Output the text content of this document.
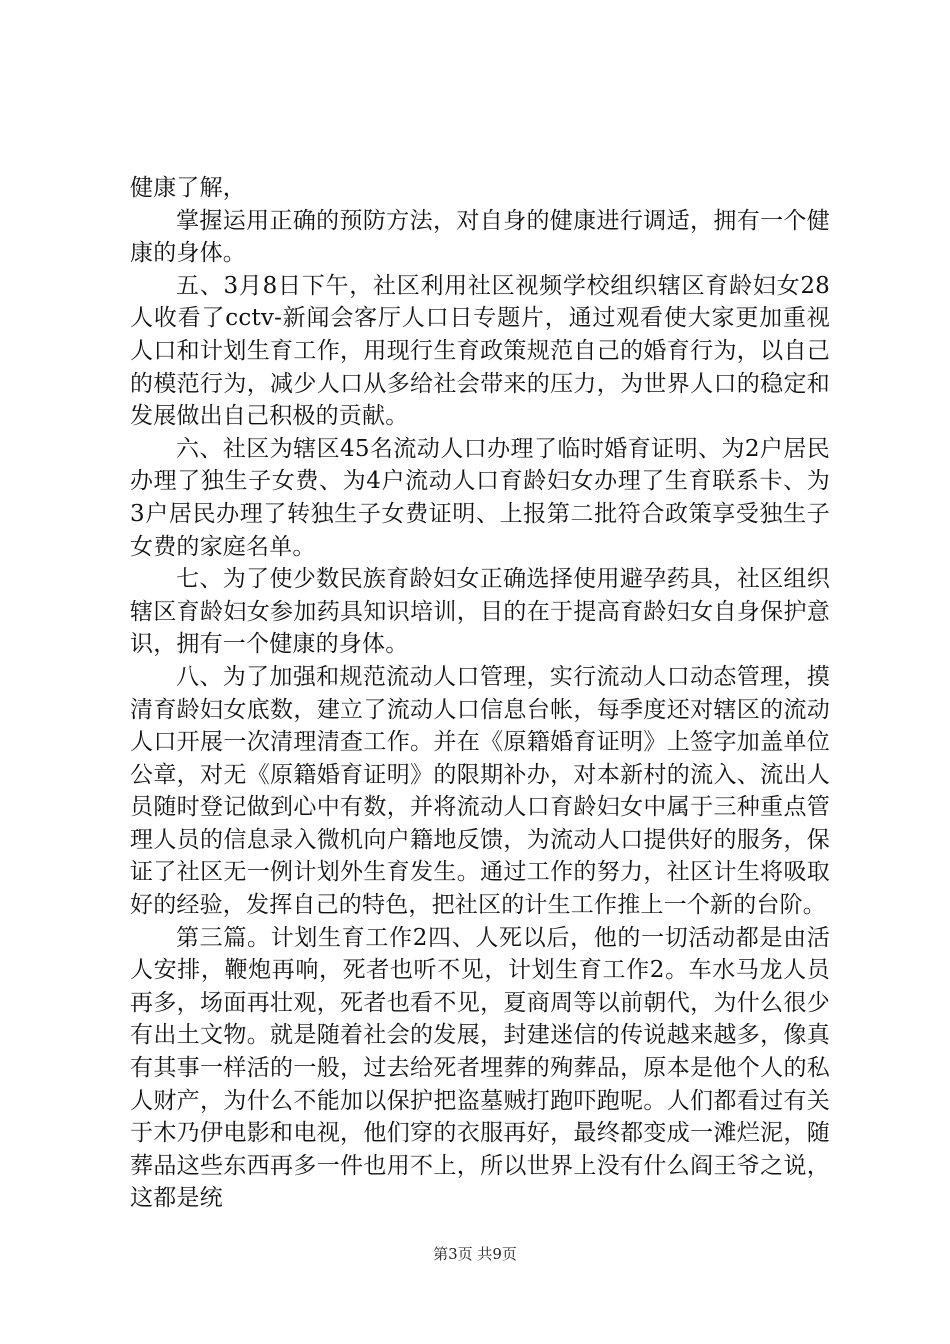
健康了解，

掌握运用正确的预防方法，对自身的健康进行调适，拥有一个健康的身体。

五、3月8日下午，社区利用社区视频学校组织辖区育龄妇女28人收看了cctv-新闻会客厅人口日专题片，通过观看使大家更加重视人口和计划生育工作，用现行生育政策规范自己的婚育行为，以自己的模范行为，减少人口从多给社会带来的压力，为世界人口的稳定和发展做出自己积极的贡献。

六、社区为辖区45名流动人口办理了临时婚育证明、为2户居民办理了独生子女费、为4户流动人口育龄妇女办理了生育联系卡、为3户居民办理了转独生子女费证明、上报第二批符合政策享受独生子女费的家庭名单。

七、为了使少数民族育龄妇女正确选择使用避孕药具，社区组织辖区育龄妇女参加药具知识培训，目的在于提高育龄妇女自身保护意识，拥有一个健康的身体。

八、为了加强和规范流动人口管理，实行流动人口动态管理，摸清育龄妇女底数，建立了流动人口信息台帐，每季度还对辖区的流动人口开展一次清理清查工作。并在《原籍婚育证明》上签字加盖单位公章，对无《原籍婚育证明》的限期补办，对本新村的流入、流出人员随时登记做到心中有数，并将流动人口育龄妇女中属于三种重点管理人员的信息录入微机向户籍地反馈，为流动人口提供好的服务，保证了社区无一例计划外生育发生。通过工作的努力，社区计生将吸取好的经验，发挥自己的特色，把社区的计生工作推上一个新的台阶。

第三篇。计划生育工作2四、人死以后，他的一切活动都是由活人安排，鞭炮再响，死者也听不见，计划生育工作2。车水马龙人员再多，场面再壮观，死者也看不见，夏商周等以前朝代，为什么很少有出土文物。就是随着社会的发展，封建迷信的传说越来越多，像真有其事一样活的一般，过去给死者埋葬的殉葬品，原本是他个人的私人财产，为什么不能加以保护把盗墓贼打跑吓跑呢。人们都看过有关于木乃伊电影和电视，他们穿的衣服再好，最终都变成一滩烂泥，随葬品这些东西再多一件也用不上，所以世界上没有什么阎王爷之说，这都是统

第3页 共9页
